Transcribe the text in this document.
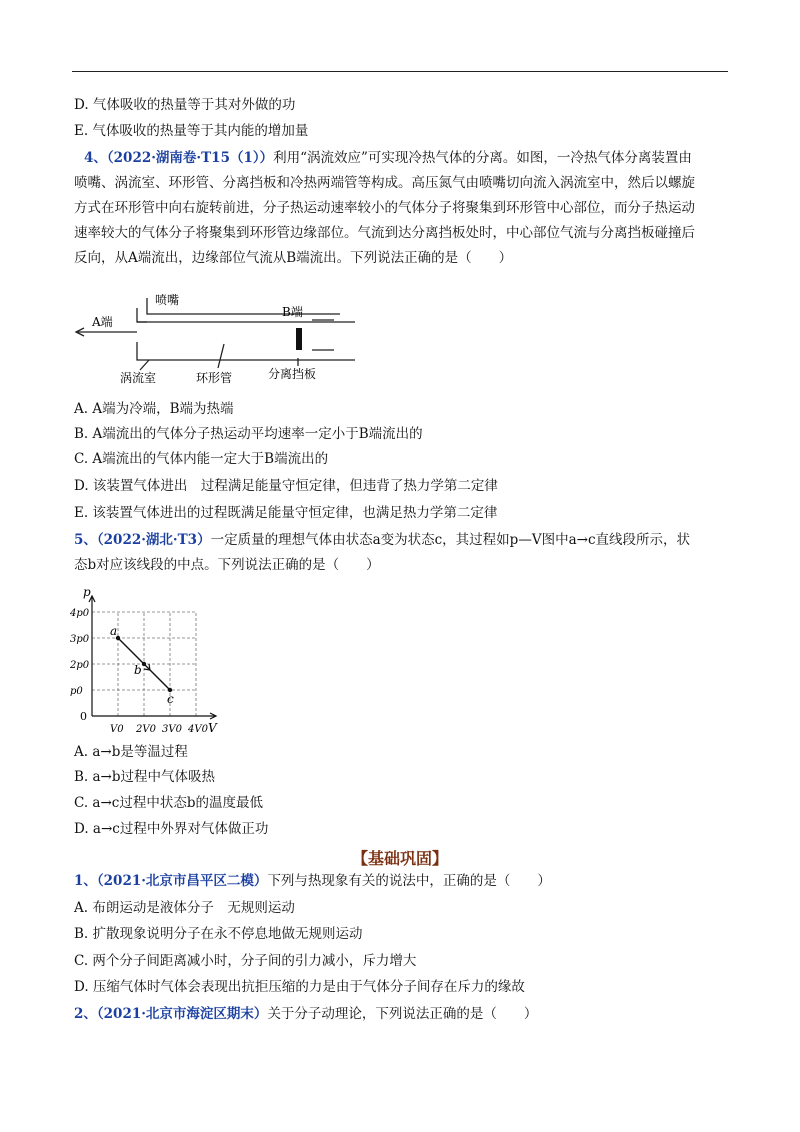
D. 气体吸收的热量等于其对外做的功
E. 气体吸收的热量等于其内能的增加量
4、（2022·湖南卷·T15（1））利用“涡流效应”可实现冷热气体的分离。如图，一冷热气体分离装置由
喷嘴、涡流室、环形管、分离挡板和冷热两端管等构成。高压氮气由喷嘴切向流入涡流室中，然后以螺旋
方式在环形管中向右旋转前进，分子热运动速率较小的气体分子将聚集到环形管中心部位，而分子热运动
速率较大的气体分子将聚集到环形管边缘部位。气流到达分离挡板处时，中心部位气流与分离挡板碰撞后
反向，从A端流出，边缘部位气流从B端流出。下列说法正确的是（　　）
喷嘴
A端
B端
涡流室	环形管	分离挡板
A. A端为冷端，B端为热端
B. A端流出的气体分子热运动平均速率一定小于B端流出的
C. A端流出的气体内能一定大于B端流出的
D. 该装置气体进出　过程满足能量守恒定律，但违背了热力学第二定律
E. 该装置气体进出的过程既满足能量守恒定律，也满足热力学第二定律
5、（2022·湖北·T3）一定质量的理想气体由状态a变为状态c，其过程如p—V图中a→c直线段所示，状
态b对应该线段的中点。下列说法正确的是（　　）
0
V
p
V0 2V0 3V0 4V0
p0
2p0
3p0
4p0
a
b
c
A. a→b是等温过程
B. a→b过程中气体吸热
C. a→c过程中状态b的温度最低
D. a→c过程中外界对气体做正功
【基础巩固】
1、（2021·北京市昌平区二模）下列与热现象有关的说法中，正确的是（　　）
A. 布朗运动是液体分子　无规则运动
B. 扩散现象说明分子在永不停息地做无规则运动
C. 两个分子间距离减小时，分子间的引力减小，斥力增大
D. 压缩气体时气体会表现出抗拒压缩的力是由于气体分子间存在斥力的缘故
2、（2021·北京市海淀区期末）关于分子动理论，下列说法正确的是（　　）
